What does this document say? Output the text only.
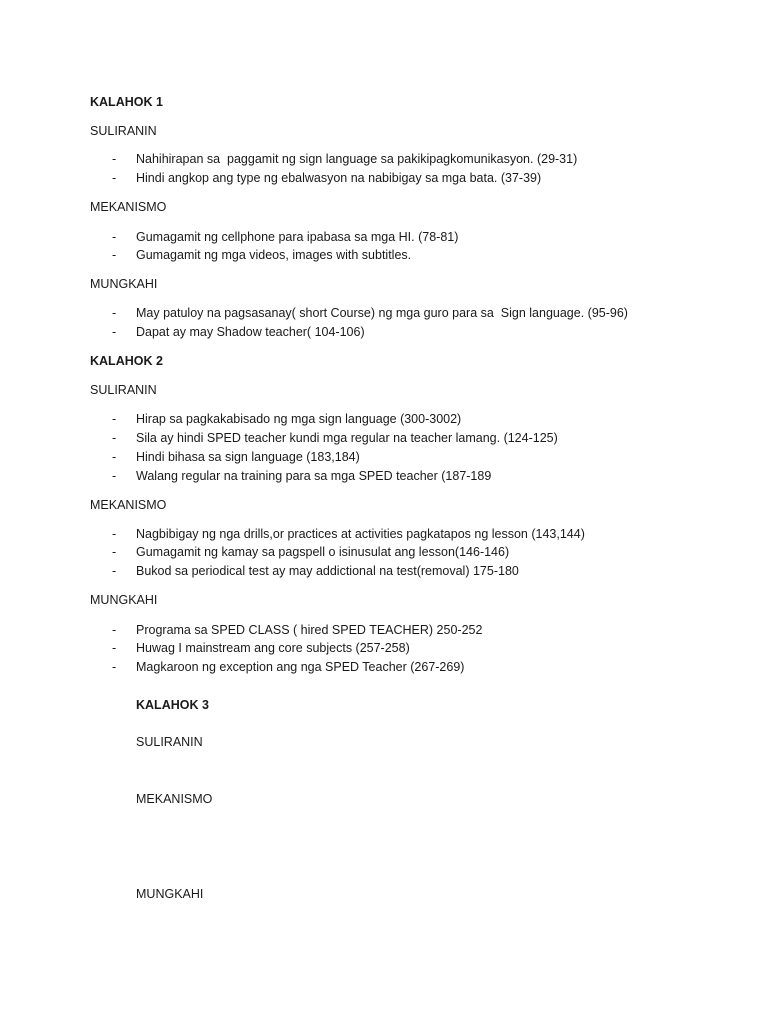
KALAHOK 1
SULIRANIN
- Nahihirapan sa  paggamit ng sign language sa pakikipagkomunikasyon. (29-31)
- Hindi angkop ang type ng ebalwasyon na nabibigay sa mga bata. (37-39)
MEKANISMO
- Gumagamit ng cellphone para ipabasa sa mga HI. (78-81)
- Gumagamit ng mga videos, images with subtitles.
MUNGKAHI
- May patuloy na pagsasanay( short Course) ng mga guro para sa  Sign language. (95-96)
- Dapat ay may Shadow teacher( 104-106)
KALAHOK 2
SULIRANIN
- Hirap sa pagkakabisado ng mga sign language (300-3002)
- Sila ay hindi SPED teacher kundi mga regular na teacher lamang. (124-125)
- Hindi bihasa sa sign language (183,184)
- Walang regular na training para sa mga SPED teacher (187-189
MEKANISMO
- Nagbibigay ng nga drills,or practices at activities pagkatapos ng lesson (143,144)
- Gumagamit ng kamay sa pagspell o isinusulat ang lesson(146-146)
- Bukod sa periodical test ay may addictional na test(removal) 175-180
MUNGKAHI
- Programa sa SPED CLASS ( hired SPED TEACHER) 250-252
- Huwag I mainstream ang core subjects (257-258)
- Magkaroon ng exception ang nga SPED Teacher (267-269)
KALAHOK 3
SULIRANIN
MEKANISMO
MUNGKAHI
